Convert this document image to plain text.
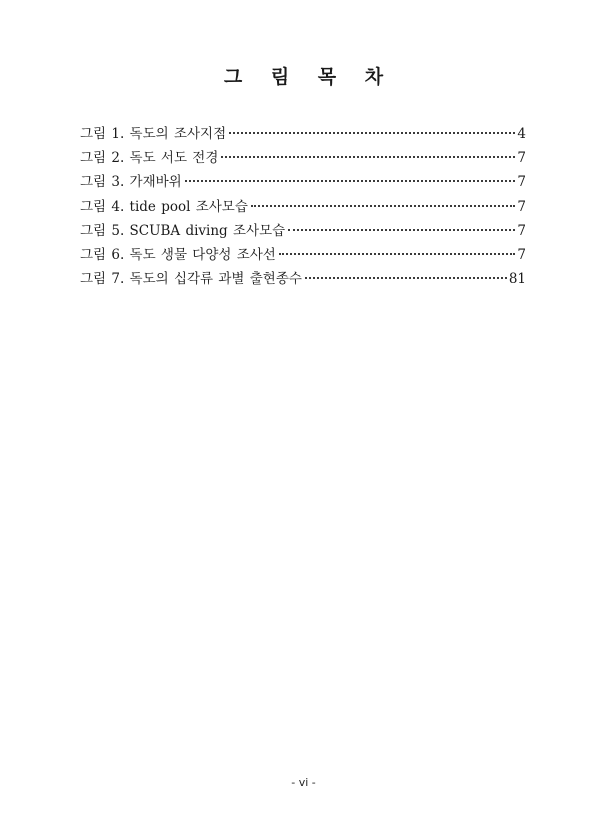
그 림 목 차
그림 1. 독도의 조사지점	4
그림 2. 독도 서도 전경	7
그림 3. 가재바위	7
그림 4. tide pool 조사모습	7
그림 5. SCUBA diving 조사모습	7
그림 6. 독도 생물 다양성 조사선	7
그림 7. 독도의 십각류 과별 출현종수	81
- vi -
